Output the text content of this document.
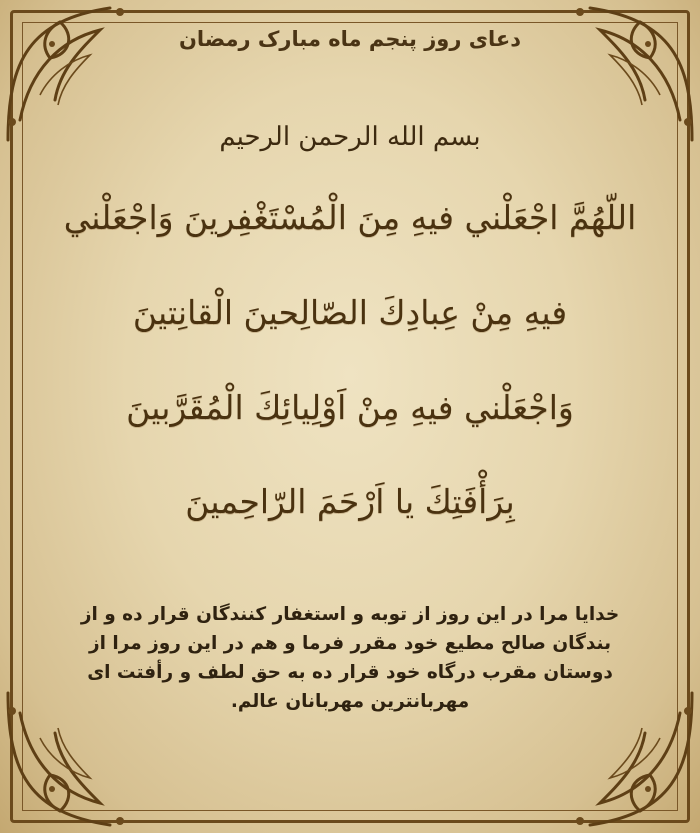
دعای روز پنجم ماه مبارک رمضان
بسم الله الرحمن الرحیم
اللّهُمَّ اجْعَلْني فيهِ مِنَ الْمُسْتَغْفِرينَ وَاجْعَلْني
فيهِ مِنْ عِبادِكَ الصّالِحينَ الْقانِتينَ
وَاجْعَلْني فيهِ مِنْ اَوْلِيائِكَ الْمُقَرَّبينَ
بِرَأْفَتِكَ يا اَرْحَمَ الرّاحِمينَ
خدایا مرا در این روز از توبه و استغفار کنندگان قرار ده و از بندگان صالح مطیع خود مقرر فرما و هم در این روز مرا از دوستان مقرب درگاه خود قرار ده به حق لطف و رأفتت ای مهربانترین مهربانان عالم.
